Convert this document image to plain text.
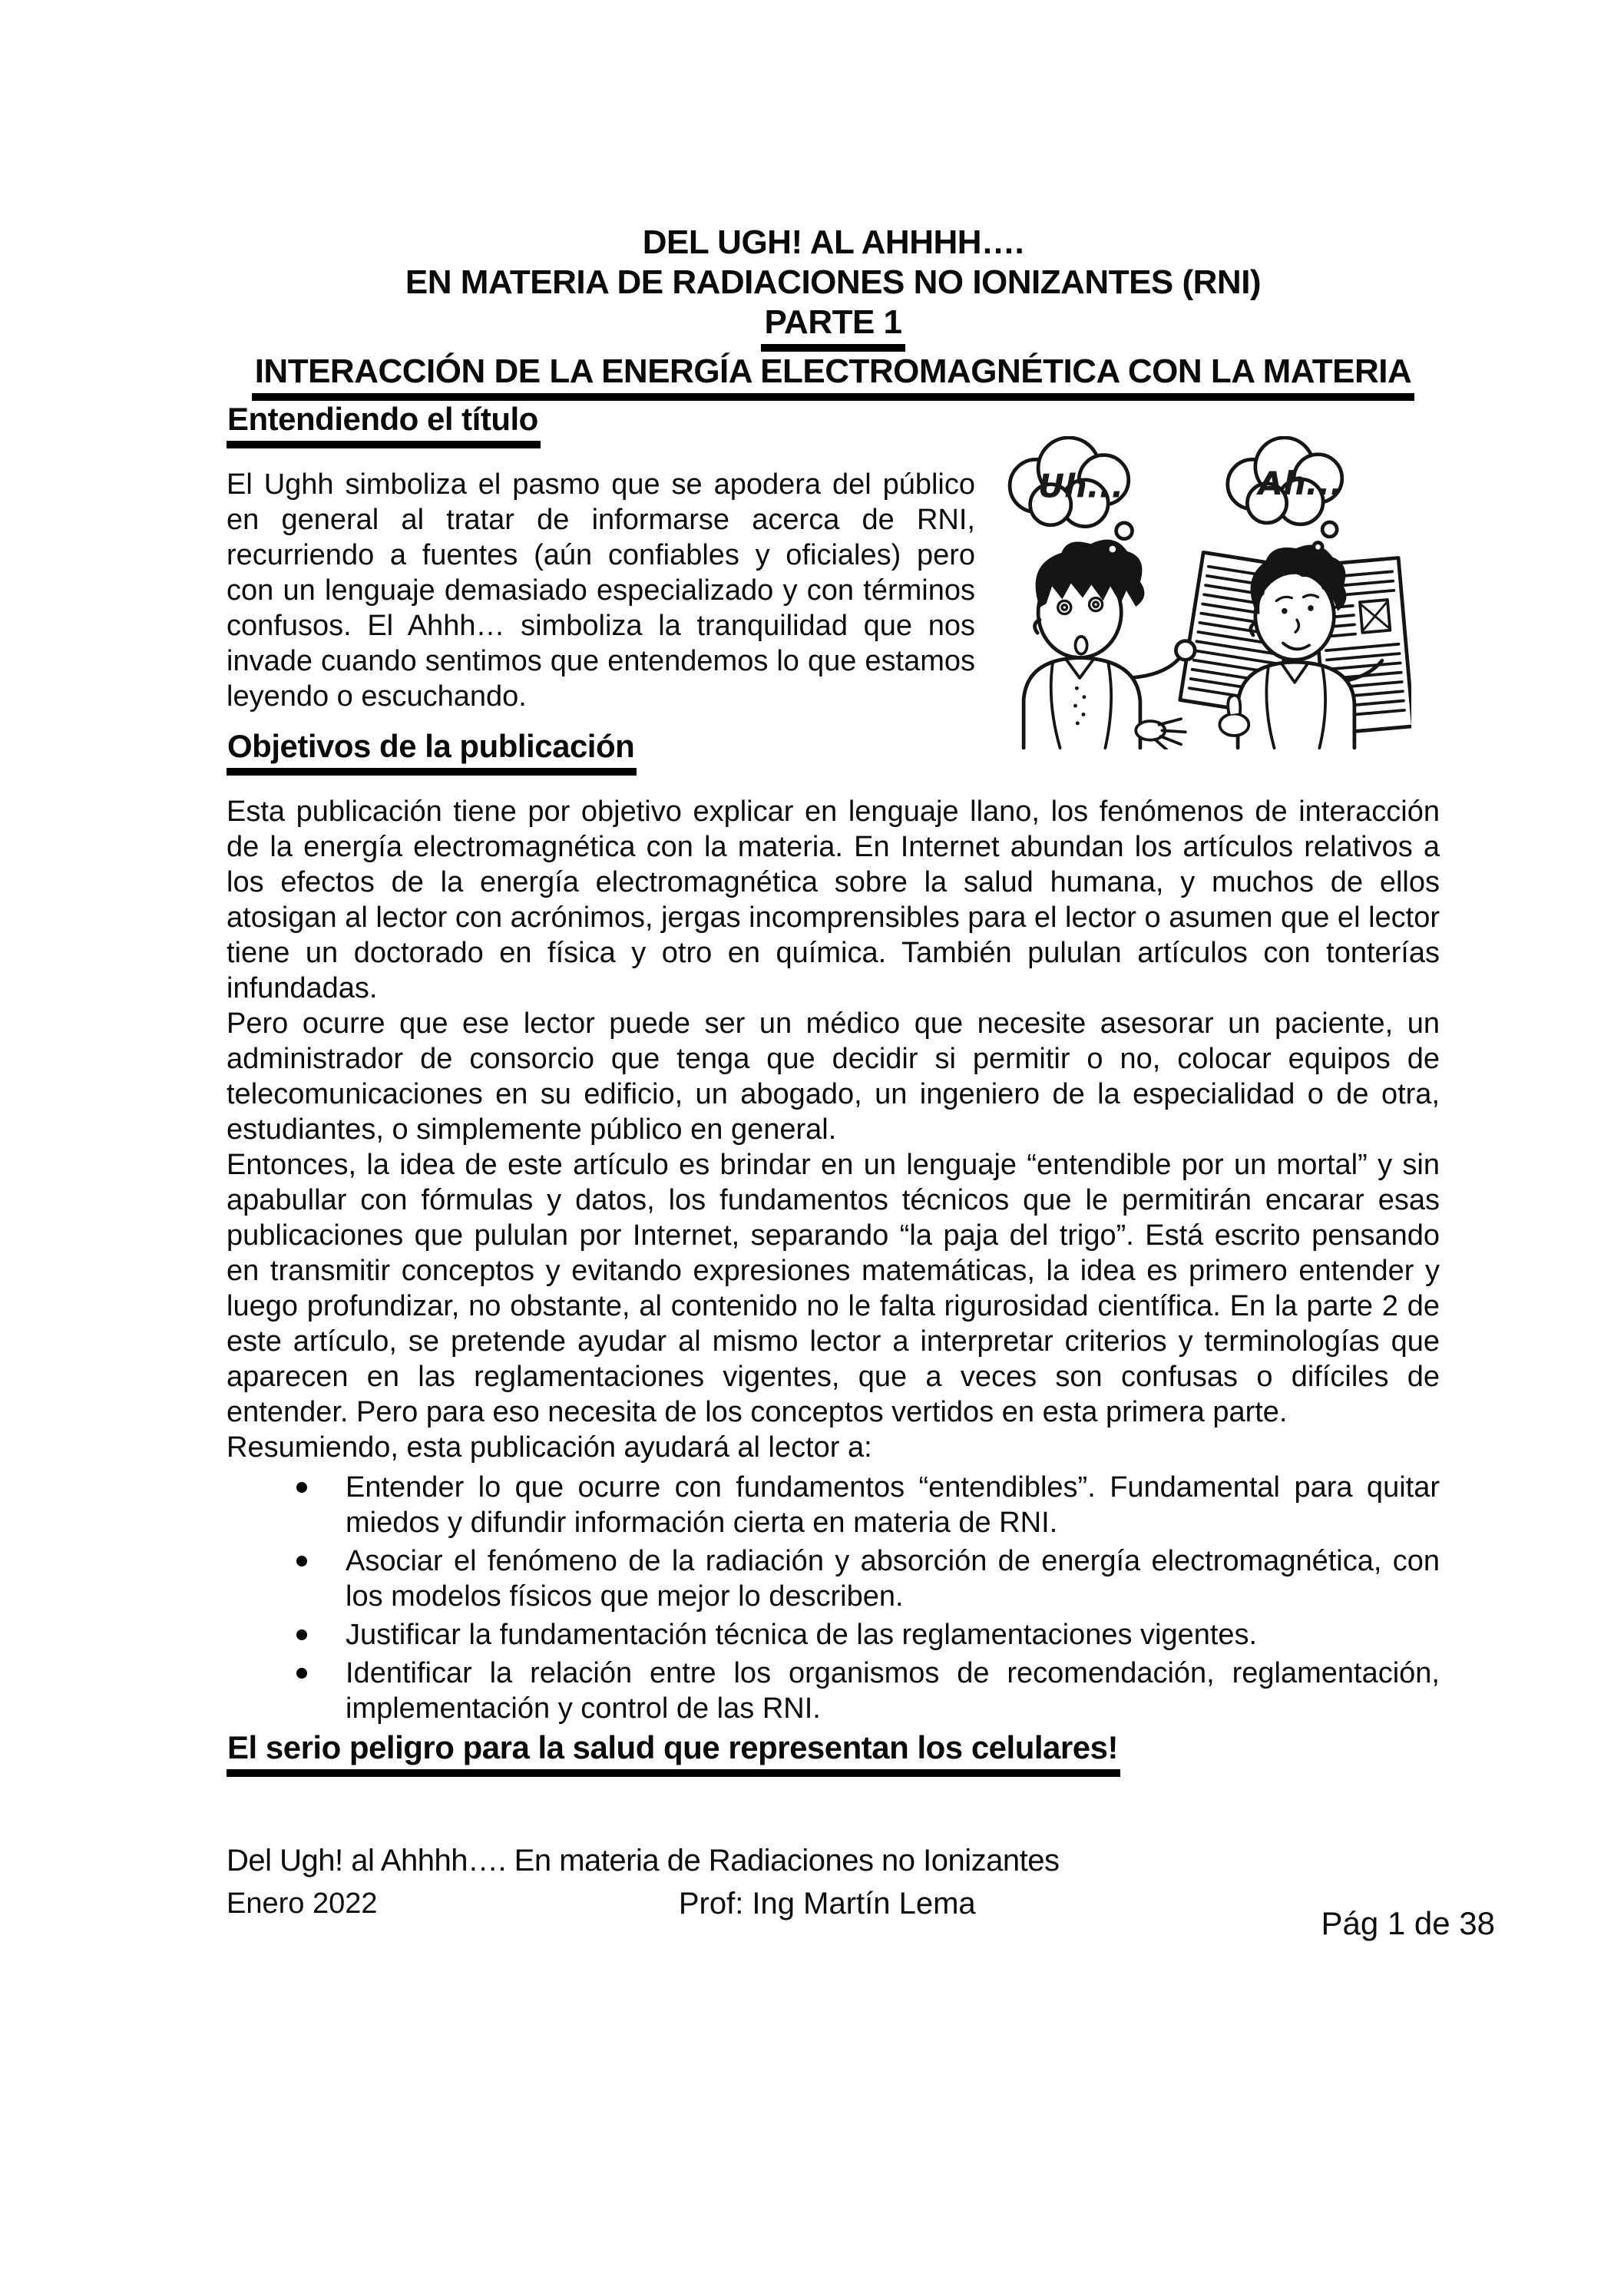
DEL UGH! AL AHHHH….
EN MATERIA DE RADIACIONES NO IONIZANTES (RNI)
PARTE 1
INTERACCIÓN DE LA ENERGÍA ELECTROMAGNÉTICA CON LA MATERIA
Entendiendo el título

El Ughh simboliza el pasmo que se apodera del público en general al tratar de informarse acerca de RNI, recurriendo a fuentes (aún confiables y oficiales) pero con un lenguaje demasiado especializado y con términos confusos. El Ahhh… simboliza la tranquilidad que nos invade cuando sentimos que entendemos lo que estamos leyendo o escuchando.

Uh...	Ah...
Objetivos de la publicación

Esta publicación tiene por objetivo explicar en lenguaje llano, los fenómenos de interacción de la energía electromagnética con la materia. En Internet abundan los artículos relativos a los efectos de la energía electromagnética sobre la salud humana, y muchos de ellos atosigan al lector con acrónimos, jergas incomprensibles para el lector o asumen que el lector tiene un doctorado en física y otro en química. También pululan artículos con tonterías infundadas.

Pero ocurre que ese lector puede ser un médico que necesite asesorar un paciente, un administrador de consorcio que tenga que decidir si permitir o no, colocar equipos de telecomunicaciones en su edificio, un abogado, un ingeniero de la especialidad o de otra, estudiantes, o simplemente público en general.

Entonces, la idea de este artículo es brindar en un lenguaje “entendible por un mortal” y sin apabullar con fórmulas y datos, los fundamentos técnicos que le permitirán encarar esas publicaciones que pululan por Internet, separando “la paja del trigo”. Está escrito pensando en transmitir conceptos y evitando expresiones matemáticas, la idea es primero entender y luego profundizar, no obstante, al contenido no le falta rigurosidad científica. En la parte 2 de este artículo, se pretende ayudar al mismo lector a interpretar criterios y terminologías que aparecen en las reglamentaciones vigentes, que a veces son confusas o difíciles de entender. Pero para eso necesita de los conceptos vertidos en esta primera parte.

Resumiendo, esta publicación ayudará al lector a:

Entender lo que ocurre con fundamentos “entendibles”. Fundamental para quitar miedos y difundir información cierta en materia de RNI.
Asociar el fenómeno de la radiación y absorción de energía electromagnética, con los modelos físicos que mejor lo describen.
Justificar la fundamentación técnica de las reglamentaciones vigentes.
Identificar la relación entre los organismos de recomendación, reglamentación, implementación y control de las RNI.
El serio peligro para la salud que representan los celulares!
Del Ugh! al Ahhhh…. En materia de Radiaciones no Ionizantes
Enero 2022	Prof: Ing Martín Lema
Pág 1 de 38
